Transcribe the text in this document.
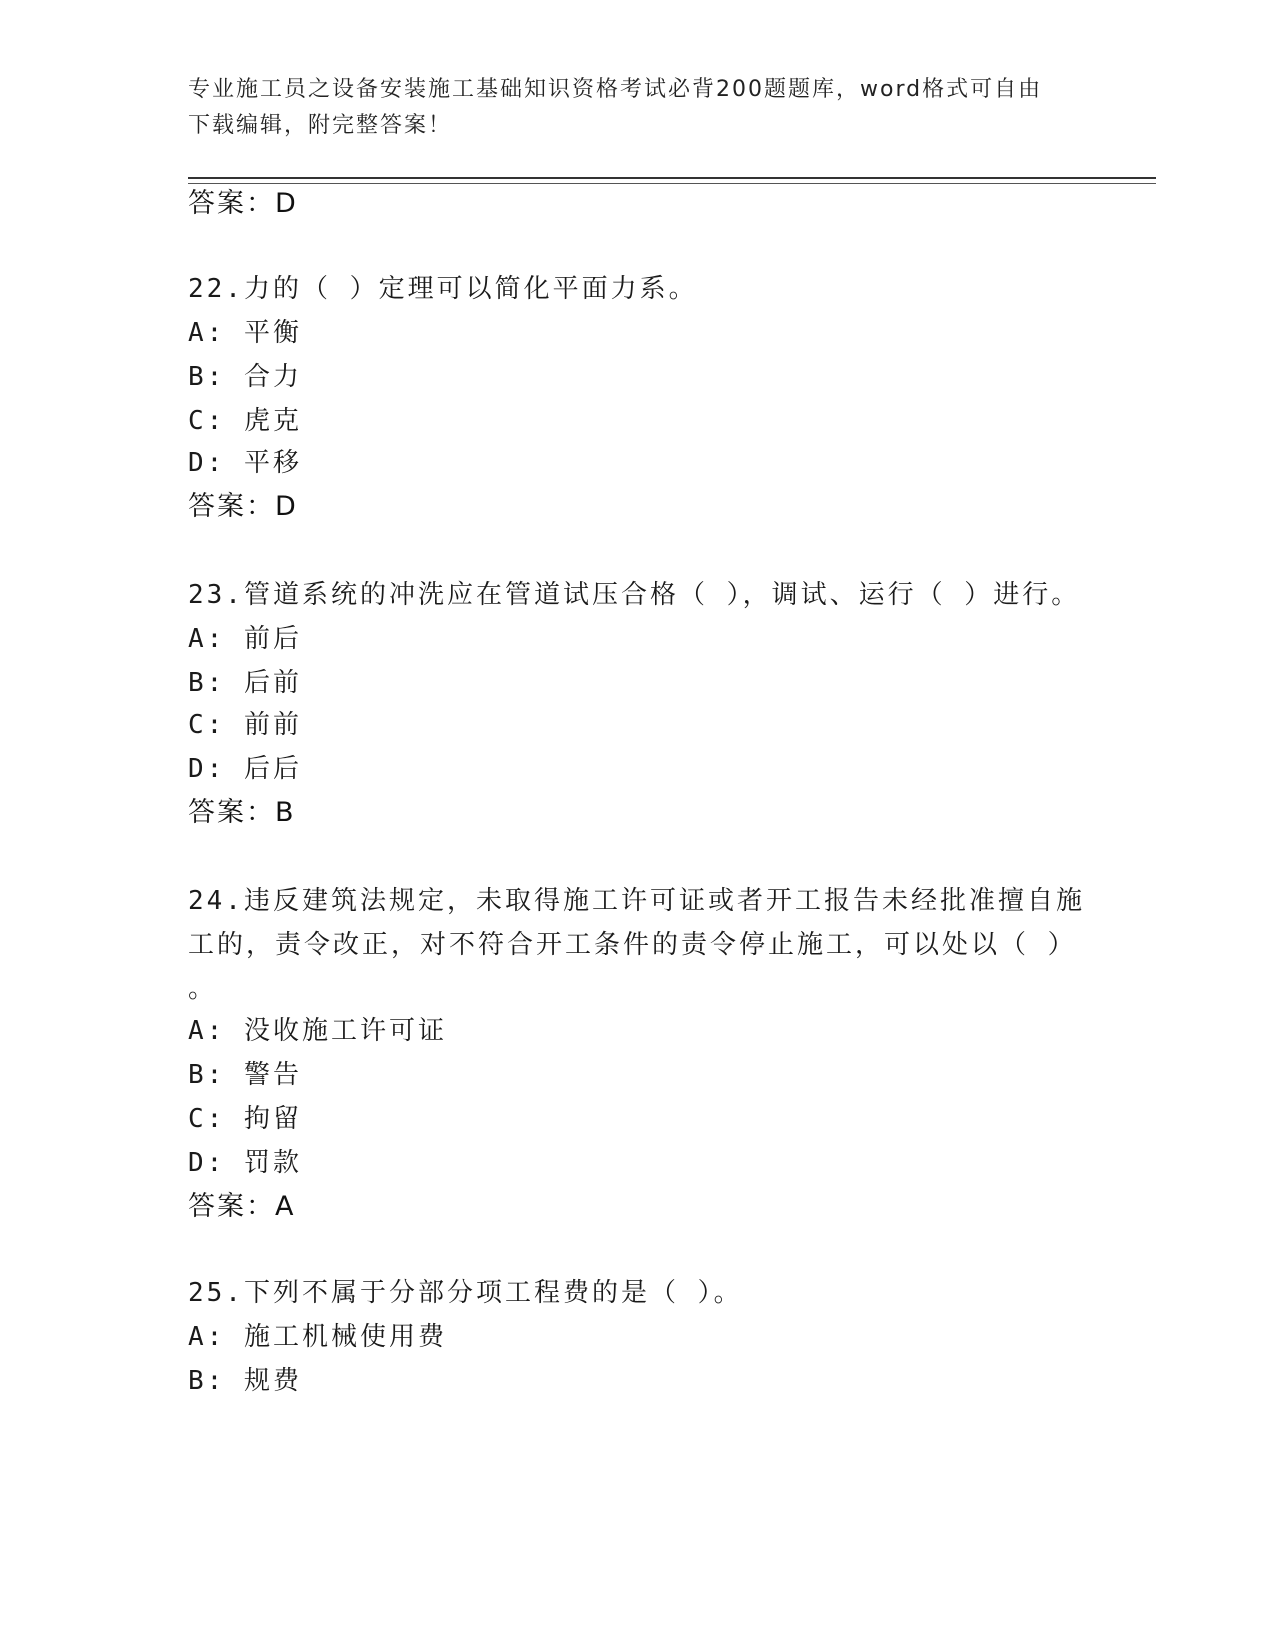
专业施工员之设备安装施工基础知识资格考试必背200题题库，word格式可自由
下载编辑，附完整答案！
答案：D
22.力的（ ）定理可以简化平面力系。
A: 平衡
B: 合力
C: 虎克
D: 平移
答案：D
23.管道系统的冲洗应在管道试压合格（ ），调试、运行（ ）进行。
A: 前后
B: 后前
C: 前前
D: 后后
答案：B
24.违反建筑法规定，未取得施工许可证或者开工报告未经批准擅自施
工的，责令改正，对不符合开工条件的责令停止施工，可以处以（ ）
。
A: 没收施工许可证
B: 警告
C: 拘留
D: 罚款
答案：A
25.下列不属于分部分项工程费的是（ ）。
A: 施工机械使用费
B: 规费
